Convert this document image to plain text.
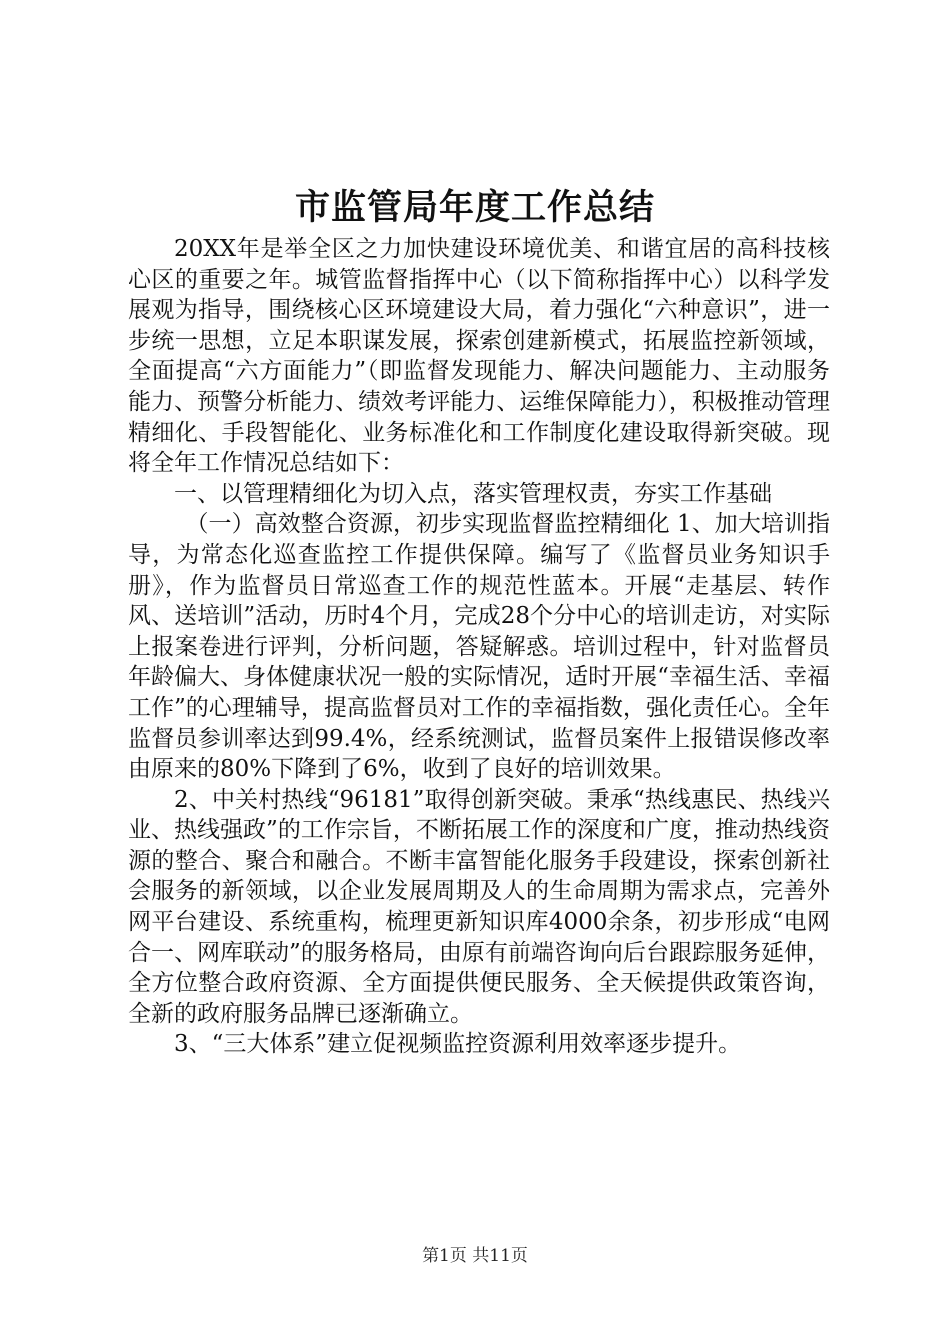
市监管局年度工作总结

20XX年是举全区之力加快建设环境优美、和谐宜居的高科技核心区的重要之年。城管监督指挥中心（以下简称指挥中心）以科学发展观为指导，围绕核心区环境建设大局，着力强化“六种意识”，进一步统一思想，立足本职谋发展，探索创建新模式，拓展监控新领域，全面提高“六方面能力”（即监督发现能力、解决问题能力、主动服务能力、预警分析能力、绩效考评能力、运维保障能力），积极推动管理精细化、手段智能化、业务标准化和工作制度化建设取得新突破。现将全年工作情况总结如下：

一、以管理精细化为切入点，落实管理权责，夯实工作基础

（一）高效整合资源，初步实现监督监控精细化 1、加大培训指导，为常态化巡查监控工作提供保障。编写了《监督员业务知识手册》，作为监督员日常巡查工作的规范性蓝本。开展“走基层、转作风、送培训”活动，历时4个月，完成28个分中心的培训走访，对实际上报案卷进行评判，分析问题，答疑解惑。培训过程中，针对监督员年龄偏大、身体健康状况一般的实际情况，适时开展“幸福生活、幸福工作”的心理辅导，提高监督员对工作的幸福指数，强化责任心。全年监督员参训率达到99.4%，经系统测试，监督员案件上报错误修改率由原来的80%下降到了6%，收到了良好的培训效果。

2、中关村热线“96181”取得创新突破。秉承“热线惠民、热线兴业、热线强政”的工作宗旨，不断拓展工作的深度和广度，推动热线资源的整合、聚合和融合。不断丰富智能化服务手段建设，探索创新社会服务的新领域，以企业发展周期及人的生命周期为需求点，完善外网平台建设、系统重构，梳理更新知识库4000余条，初步形成“电网合一、网库联动”的服务格局，由原有前端咨询向后台跟踪服务延伸，全方位整合政府资源、全方面提供便民服务、全天候提供政策咨询，全新的政府服务品牌已逐渐确立。

3、“三大体系”建立促视频监控资源利用效率逐步提升。

第1页 共11页
